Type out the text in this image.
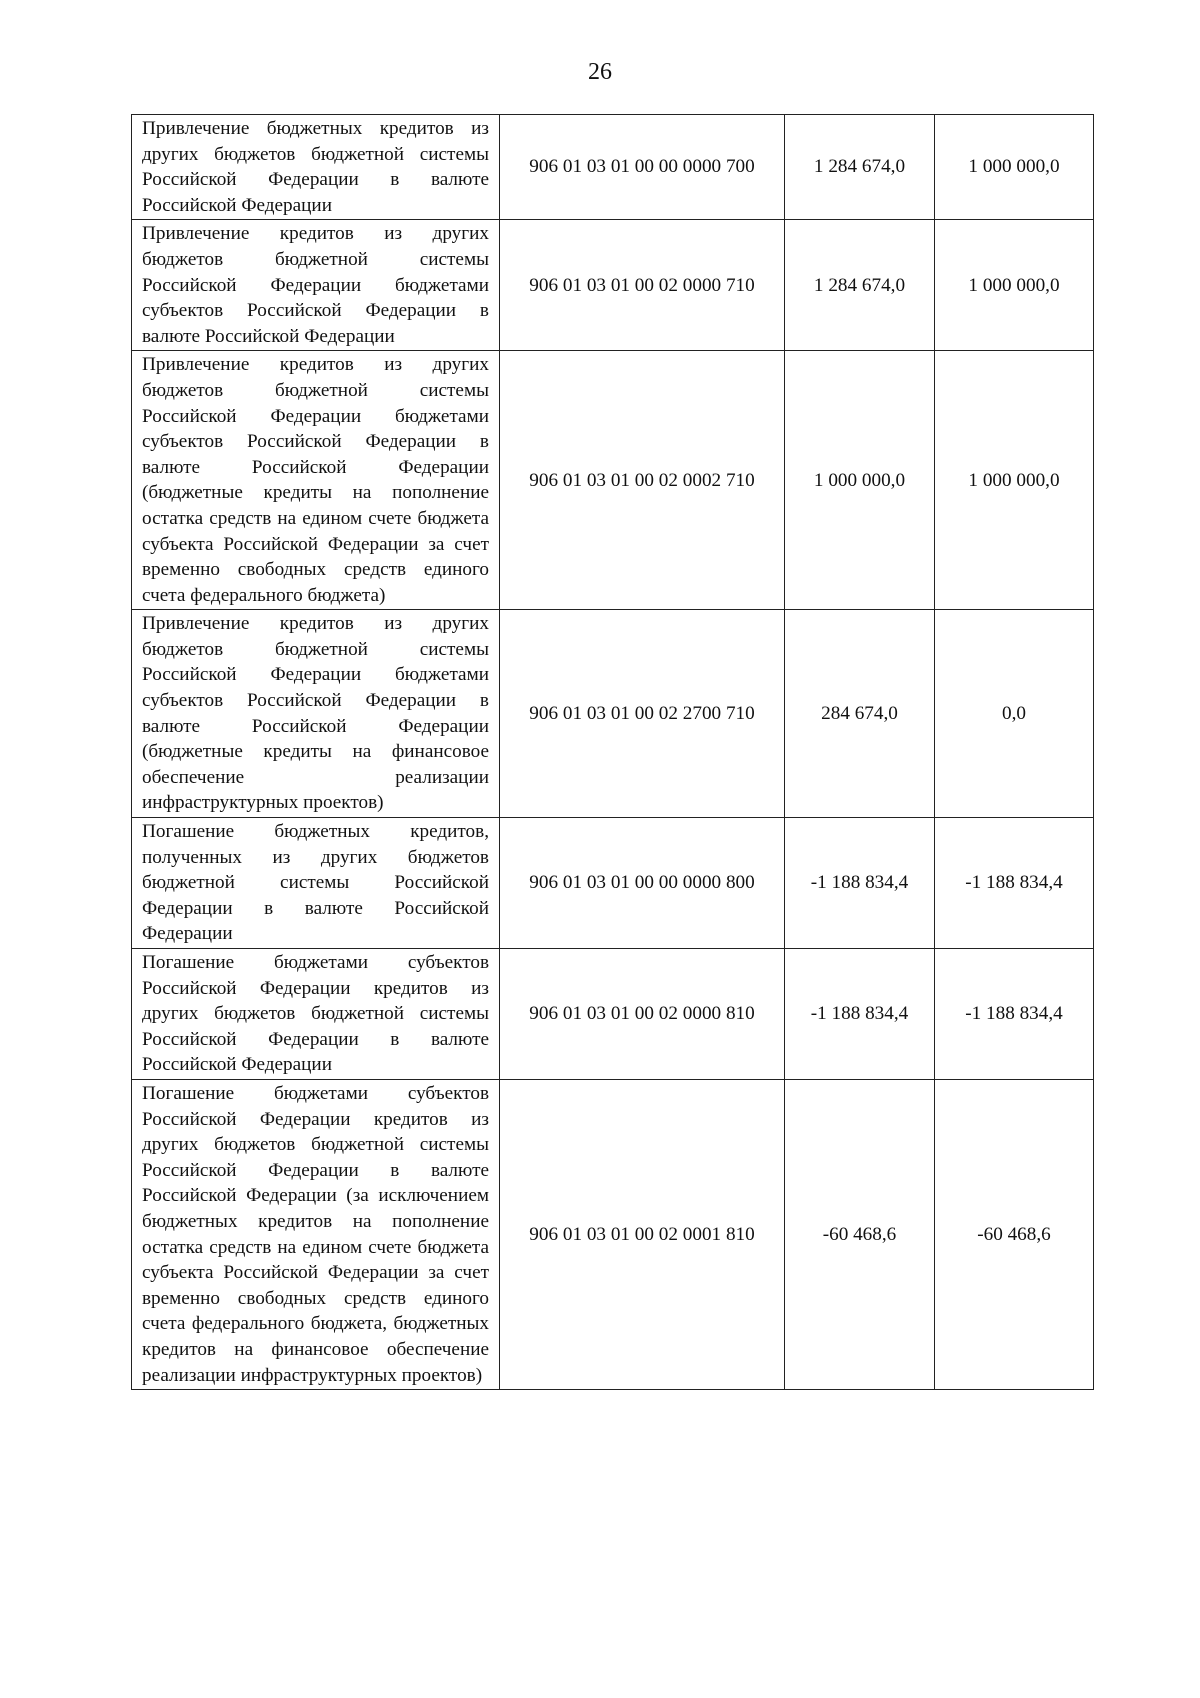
26
Привлечение бюджетных кредитов из других бюджетов бюджетной системы Российской Федерации в валюте Российской Федерации	906 01 03 01 00 00 0000 700	1 284 674,0	1 000 000,0
Привлечение кредитов из других бюджетов бюджетной системы Российской Федерации бюджетами субъектов Российской Федерации в валюте Российской Федерации	906 01 03 01 00 02 0000 710	1 284 674,0	1 000 000,0
Привлечение кредитов из других бюджетов бюджетной системы Российской Федерации бюджетами субъектов Российской Федерации в валюте Российской Федерации (бюджетные кредиты на пополнение остатка средств на едином счете бюджета субъекта Российской Федерации за счет временно свободных средств единого счета федерального бюджета)	906 01 03 01 00 02 0002 710	1 000 000,0	1 000 000,0
Привлечение кредитов из других бюджетов бюджетной системы Российской Федерации бюджетами субъектов Российской Федерации в валюте Российской Федерации (бюджетные кредиты на финансовое обеспечение реализации инфраструктурных проектов)	906 01 03 01 00 02 2700 710	284 674,0	0,0
Погашение бюджетных кредитов, полученных из других бюджетов бюджетной системы Российской Федерации в валюте Российской Федерации	906 01 03 01 00 00 0000 800	-1 188 834,4	-1 188 834,4
Погашение бюджетами субъектов Российской Федерации кредитов из других бюджетов бюджетной системы Российской Федерации в валюте Российской Федерации	906 01 03 01 00 02 0000 810	-1 188 834,4	-1 188 834,4
Погашение бюджетами субъектов Российской Федерации кредитов из других бюджетов бюджетной системы Российской Федерации в валюте Российской Федерации (за исключением бюджетных кредитов на пополнение остатка средств на едином счете бюджета субъекта Российской Федерации за счет временно свободных средств единого счета федерального бюджета, бюджетных кредитов на финансовое обеспечение реализации инфраструктурных проектов)	906 01 03 01 00 02 0001 810	-60 468,6	-60 468,6
